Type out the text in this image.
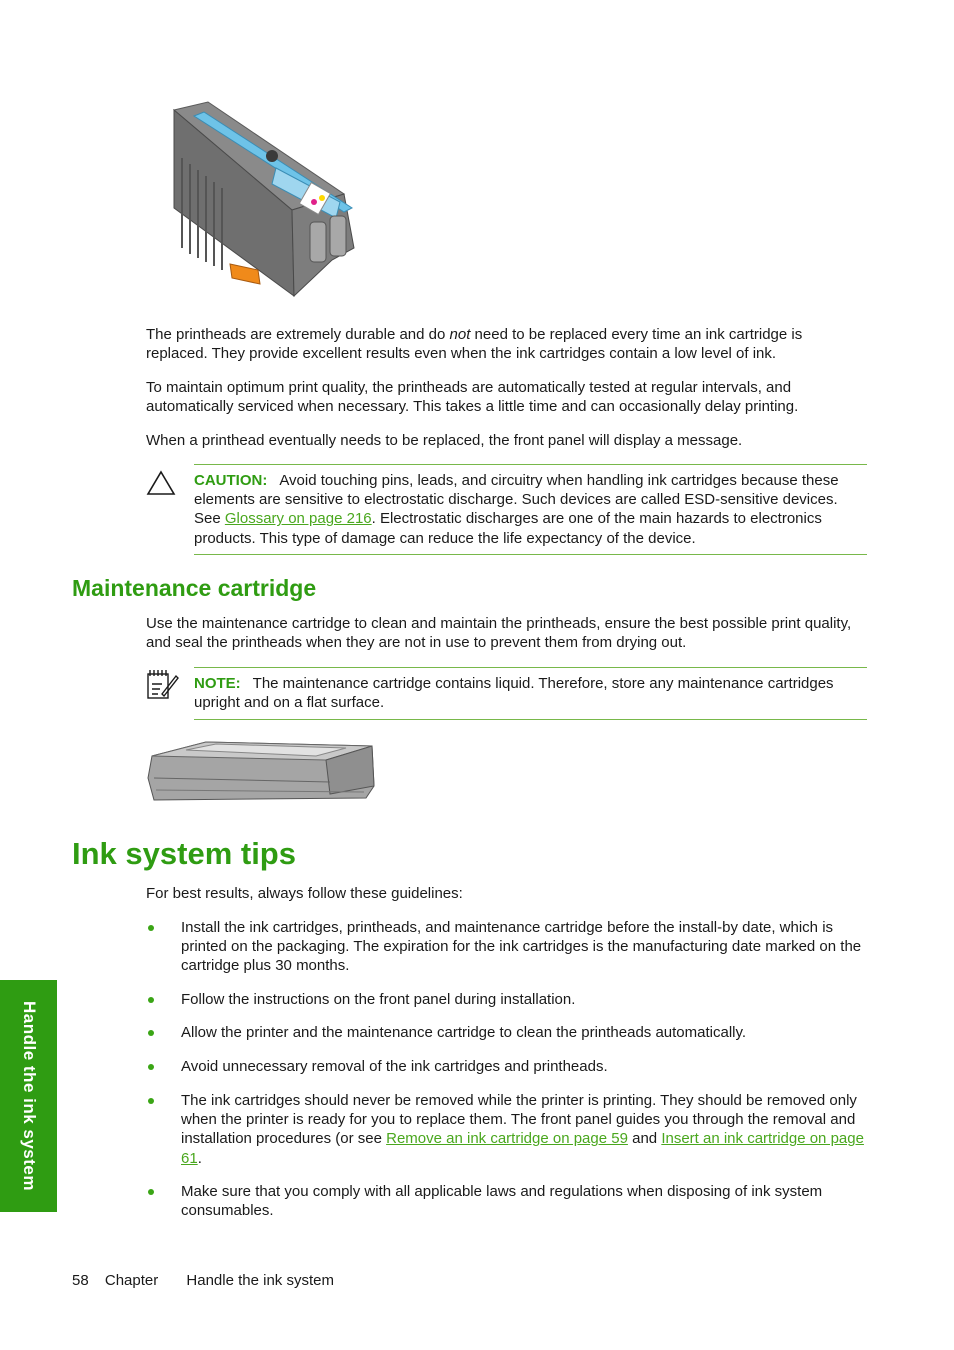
The printheads are extremely durable and do not need to be replaced every time an ink cartridge is replaced. They provide excellent results even when the ink cartridges contain a low level of ink.
To maintain optimum print quality, the printheads are automatically tested at regular intervals, and automatically serviced when necessary. This takes a little time and can occasionally delay printing.
When a printhead eventually needs to be replaced, the front panel will display a message.
CAUTION: Avoid touching pins, leads, and circuitry when handling ink cartridges because these elements are sensitive to electrostatic discharge. Such devices are called ESD-sensitive devices. See Glossary on page 216. Electrostatic discharges are one of the main hazards to electronics products. This type of damage can reduce the life expectancy of the device.
Maintenance cartridge
Use the maintenance cartridge to clean and maintain the printheads, ensure the best possible print quality, and seal the printheads when they are not in use to prevent them from drying out.
NOTE: The maintenance cartridge contains liquid. Therefore, store any maintenance cartridges upright and on a flat surface.
Ink system tips
For best results, always follow these guidelines:
Install the ink cartridges, printheads, and maintenance cartridge before the install-by date, which is printed on the packaging. The expiration for the ink cartridges is the manufacturing date marked on the cartridge plus 30 months.
Follow the instructions on the front panel during installation.
Allow the printer and the maintenance cartridge to clean the printheads automatically.
Avoid unnecessary removal of the ink cartridges and printheads.
The ink cartridges should never be removed while the printer is printing. They should be removed only when the printer is ready for you to replace them. The front panel guides you through the removal and installation procedures (or see Remove an ink cartridge on page 59 and Insert an ink cartridge on page 61.
Make sure that you comply with all applicable laws and regulations when disposing of ink system consumables.
Handle the ink system
58 Chapter Handle the ink system
